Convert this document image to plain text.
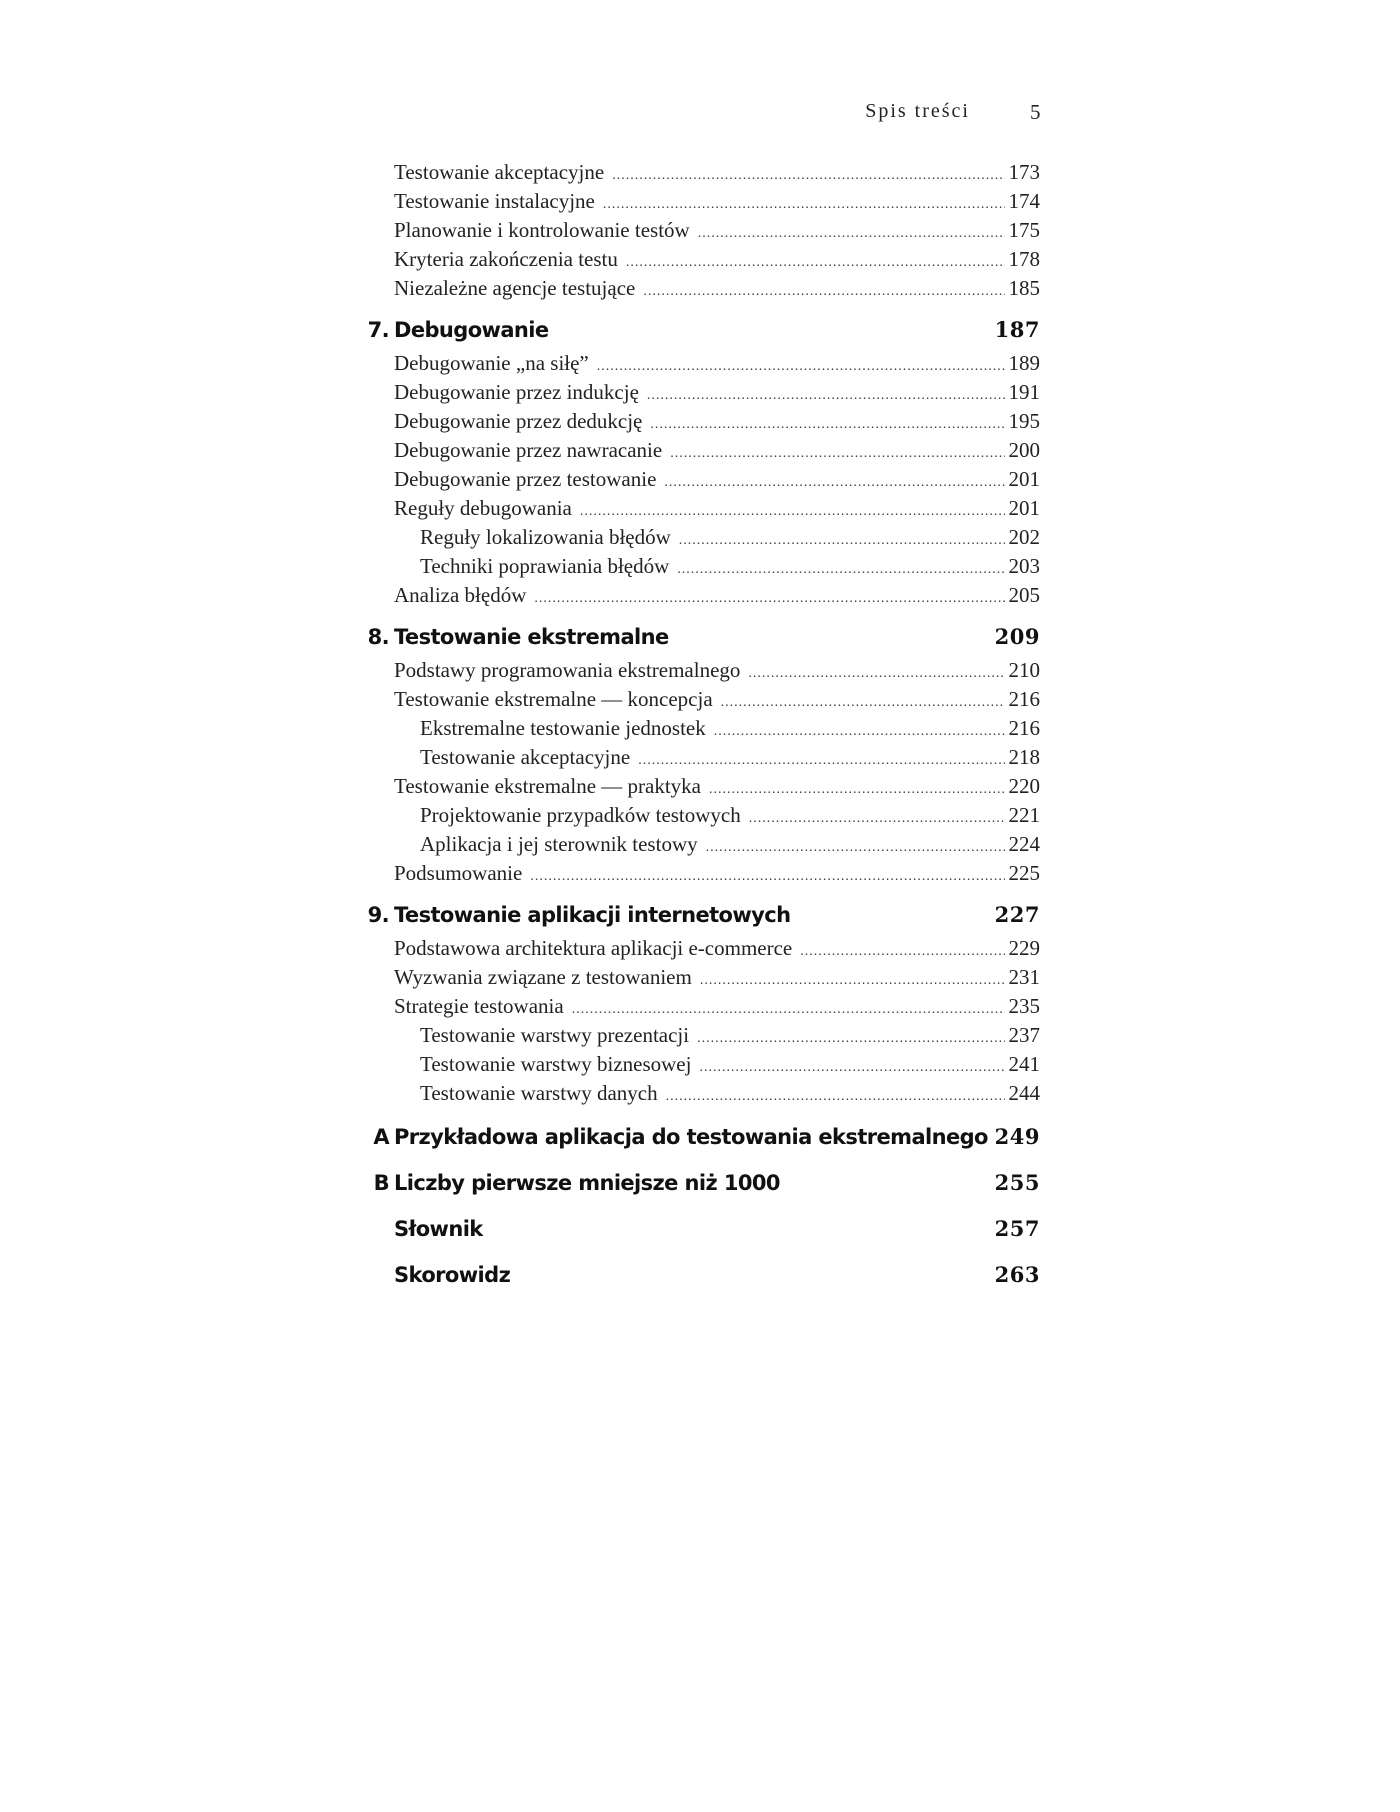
Spis treści	5
Testowanie akceptacyjne .....	173
Testowanie instalacyjne .....	174
Planowanie i kontrolowanie testów .....	175
Kryteria zakończenia testu .....	178
Niezależne agencje testujące .....	185
7. Debugowanie	187
Debugowanie „na siłę” .....	189
Debugowanie przez indukcję .....	191
Debugowanie przez dedukcję .....	195
Debugowanie przez nawracanie .....	200
Debugowanie przez testowanie .....	201
Reguły debugowania .....	201
Reguły lokalizowania błędów .....	202
Techniki poprawiania błędów .....	203
Analiza błędów .....	205
8. Testowanie ekstremalne	209
Podstawy programowania ekstremalnego .....	210
Testowanie ekstremalne — koncepcja .....	216
Ekstremalne testowanie jednostek .....	216
Testowanie akceptacyjne .....	218
Testowanie ekstremalne — praktyka .....	220
Projektowanie przypadków testowych .....	221
Aplikacja i jej sterownik testowy .....	224
Podsumowanie .....	225
9. Testowanie aplikacji internetowych	227
Podstawowa architektura aplikacji e-commerce .....	229
Wyzwania związane z testowaniem .....	231
Strategie testowania .....	235
Testowanie warstwy prezentacji .....	237
Testowanie warstwy biznesowej .....	241
Testowanie warstwy danych .....	244
A Przykładowa aplikacja do testowania ekstremalnego 249
B Liczby pierwsze mniejsze niż 1000	255
Słownik	257
Skorowidz	263
